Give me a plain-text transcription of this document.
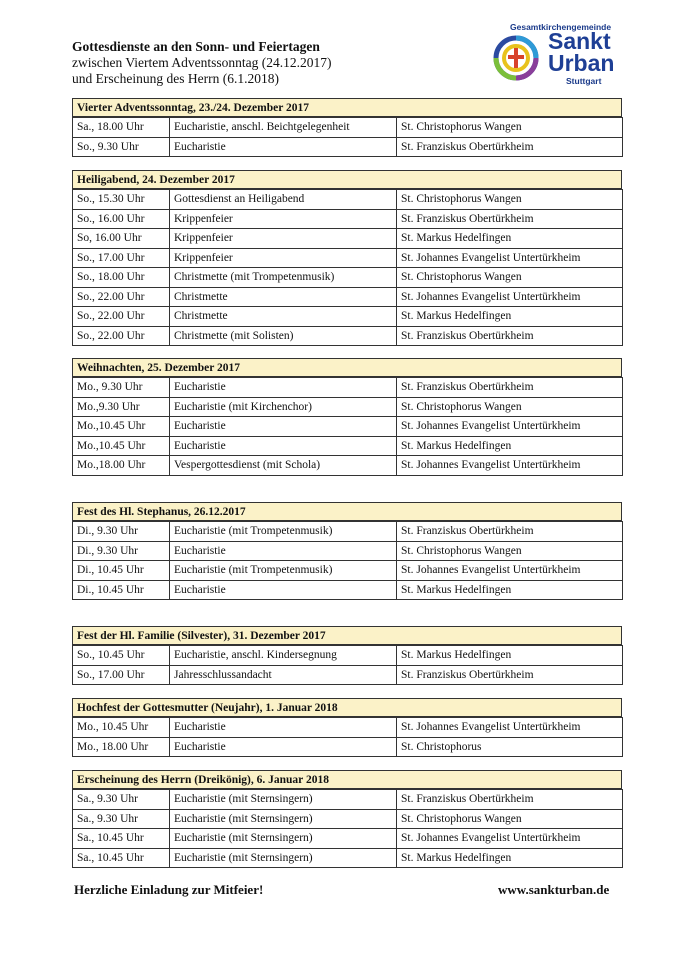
Gottesdienste an den Sonn- und Feiertagen
zwischen Viertem Adventssonntag (24.12.2017)
und Erscheinung des Herrn (6.1.2018)
Gesamtkirchengemeinde
Sankt
Urban
Stuttgart
Vierter Adventssonntag, 23./24. Dezember 2017
Sa., 18.00 Uhr	Eucharistie, anschl. Beichtgelegenheit	St. Christophorus Wangen
So., 9.30 Uhr	Eucharistie	St. Franziskus Obertürkheim
Heiligabend, 24. Dezember 2017
So., 15.30 Uhr	Gottesdienst an Heiligabend	St. Christophorus Wangen
So., 16.00 Uhr	Krippenfeier	St. Franziskus Obertürkheim
So, 16.00 Uhr	Krippenfeier	St. Markus Hedelfingen
So., 17.00 Uhr	Krippenfeier	St. Johannes Evangelist Untertürkheim
So., 18.00 Uhr	Christmette (mit Trompetenmusik)	St. Christophorus Wangen
So., 22.00 Uhr	Christmette	St. Johannes Evangelist Untertürkheim
So., 22.00 Uhr	Christmette	St. Markus Hedelfingen
So., 22.00 Uhr	Christmette (mit Solisten)	St. Franziskus Obertürkheim
Weihnachten, 25. Dezember 2017
Mo., 9.30 Uhr	Eucharistie	St. Franziskus Obertürkheim
Mo.,9.30 Uhr	Eucharistie (mit Kirchenchor)	St. Christophorus Wangen
Mo.,10.45 Uhr	Eucharistie	St. Johannes Evangelist Untertürkheim
Mo.,10.45 Uhr	Eucharistie	St. Markus Hedelfingen
Mo.,18.00 Uhr	Vespergottesdienst (mit Schola)	St. Johannes Evangelist Untertürkheim
Fest des Hl. Stephanus, 26.12.2017
Di., 9.30 Uhr	Eucharistie (mit Trompetenmusik)	St. Franziskus Obertürkheim
Di., 9.30 Uhr	Eucharistie	St. Christophorus Wangen
Di., 10.45 Uhr	Eucharistie (mit Trompetenmusik)	St. Johannes Evangelist Untertürkheim
Di., 10.45 Uhr	Eucharistie	St. Markus Hedelfingen
Fest der Hl. Familie (Silvester), 31. Dezember 2017
So., 10.45 Uhr	Eucharistie, anschl. Kindersegnung	St. Markus Hedelfingen
So., 17.00 Uhr	Jahresschlussandacht	St. Franziskus Obertürkheim
Hochfest der Gottesmutter (Neujahr), 1. Januar 2018
Mo., 10.45 Uhr	Eucharistie	St. Johannes Evangelist Untertürkheim
Mo., 18.00 Uhr	Eucharistie	St. Christophorus
Erscheinung des Herrn (Dreikönig), 6. Januar 2018
Sa., 9.30 Uhr	Eucharistie (mit Sternsingern)	St. Franziskus Obertürkheim
Sa., 9.30 Uhr	Eucharistie (mit Sternsingern)	St. Christophorus Wangen
Sa., 10.45 Uhr	Eucharistie (mit Sternsingern)	St. Johannes Evangelist Untertürkheim
Sa., 10.45 Uhr	Eucharistie (mit Sternsingern)	St. Markus Hedelfingen
Herzliche Einladung zur Mitfeier!	www.sankturban.de
